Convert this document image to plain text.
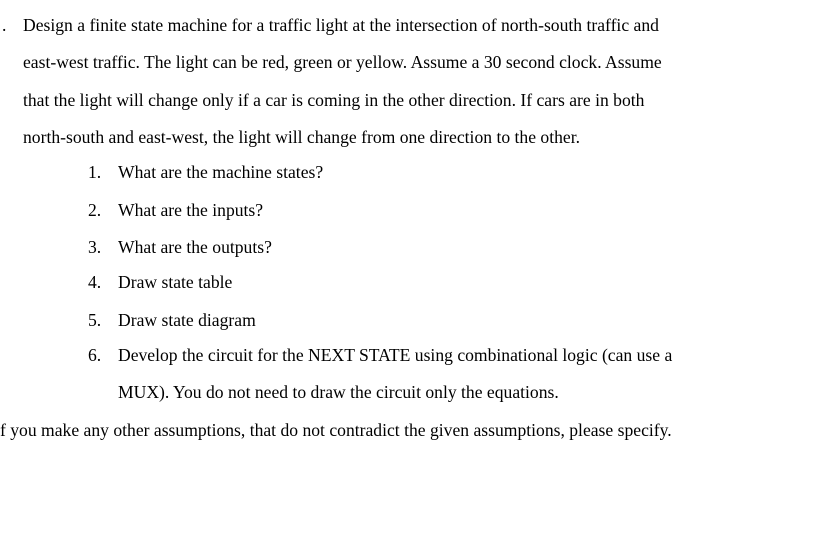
. Design a finite state machine for a traffic light at the intersection of north-south traffic and
east-west traffic. The light can be red, green or yellow. Assume a 30 second clock. Assume
that the light will change only if a car is coming in the other direction. If cars are in both
north-south and east-west, the light will change from one direction to the other.
1. What are the machine states?
2. What are the inputs?
3. What are the outputs?
4. Draw state table
5. Draw state diagram
6. Develop the circuit for the NEXT STATE using combinational logic (can use a
MUX). You do not need to draw the circuit only the equations.
f you make any other assumptions, that do not contradict the given assumptions, please specify.
